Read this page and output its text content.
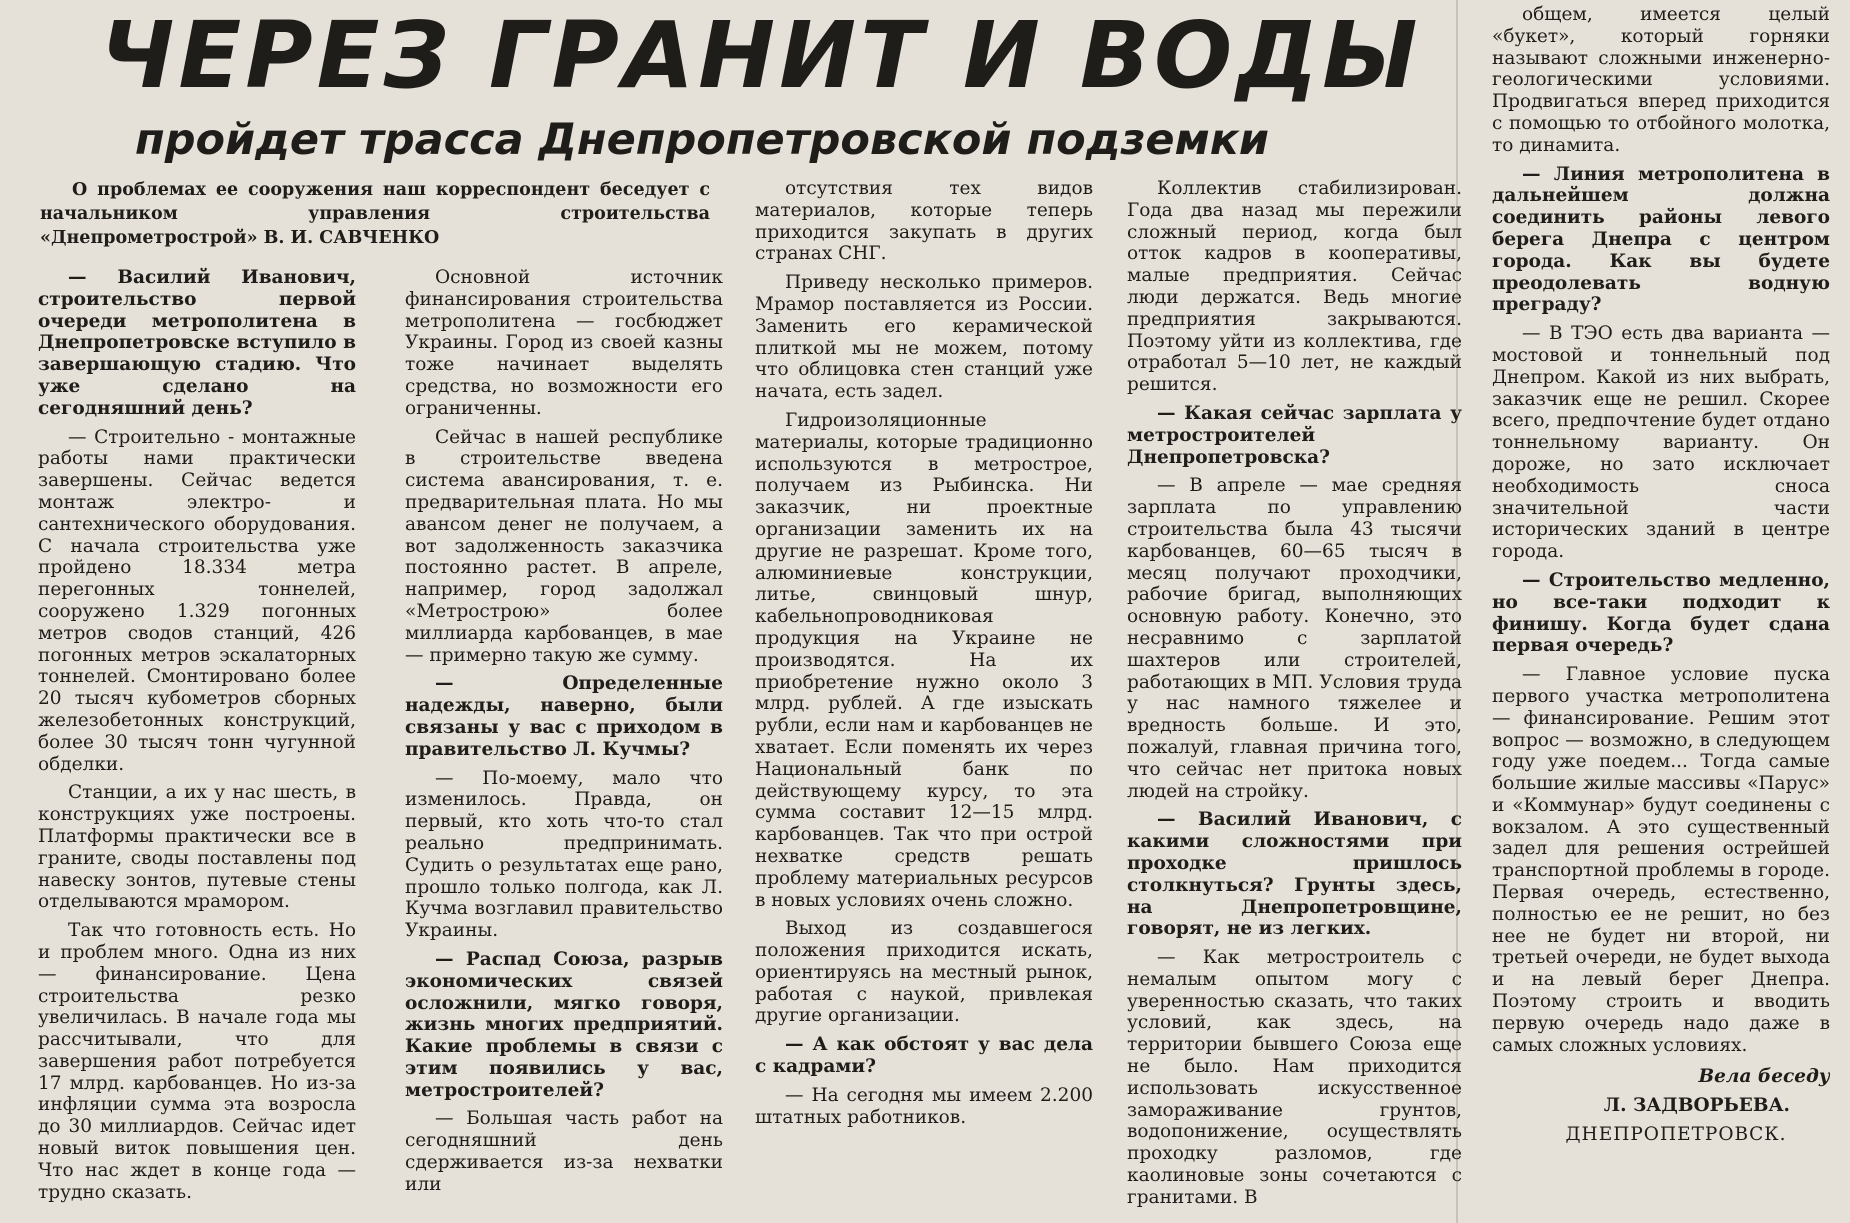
ЧЕРЕЗ ГРАНИТ И ВОДЫ
пройдет трасса Днепропетровской подземки

О проблемах ее сооружения наш корреспондент беседует с начальником управления строительства «Днепрометрострой» В. И. САВЧЕНКО

— Василий Иванович, строительство первой очереди метрополитена в Днепропетровске вступило в завершающую стадию. Что уже сделано на сегодняшний день?

— Строительно - монтажные работы нами практически завершены. Сейчас ведется монтаж электро- и сантехнического оборудования. С начала строительства уже пройдено 18.334 метра перегонных тоннелей, сооружено 1.329 погонных метров сводов станций, 426 погонных метров эскалаторных тоннелей. Смонтировано более 20 тысяч кубометров сборных железобетонных конструкций, более 30 тысяч тонн чугунной обделки.

Станции, а их у нас шесть, в конструкциях уже построены. Платформы практически все в граните, своды поставлены под навеску зонтов, путевые стены отделываются мрамором.

Так что готовность есть. Но и проблем много. Одна из них — финансирование. Цена строительства резко увеличилась. В начале года мы рассчитывали, что для завершения работ потребуется 17 млрд. карбованцев. Но из-за инфляции сумма эта возросла до 30 миллиардов. Сейчас идет новый виток повышения цен. Что нас ждет в конце года — трудно сказать.

Основной источник финансирования строительства метрополитена — госбюджет Украины. Город из своей казны тоже начинает выделять средства, но возможности его ограниченны.

Сейчас в нашей республике в строительстве введена система авансирования, т. е. предварительная плата. Но мы авансом денег не получаем, а вот задолженность заказчика постоянно растет. В апреле, например, город задолжал «Метрострою» более миллиарда карбованцев, в мае — примерно такую же сумму.

— Определенные надежды, наверно, были связаны у вас с приходом в правительство Л. Кучмы?

— По-моему, мало что изменилось. Правда, он первый, кто хоть что-то стал реально предпринимать. Судить о результатах еще рано, прошло только полгода, как Л. Кучма возглавил правительство Украины.

— Распад Союза, разрыв экономических связей осложнили, мягко говоря, жизнь многих предприятий. Какие проблемы в связи с этим появились у вас, метростроителей?

— Большая часть работ на сегодняшний день сдерживается из-за нехватки или

отсутствия тех видов материалов, которые теперь приходится закупать в других странах СНГ.

Приведу несколько примеров. Мрамор поставляется из России. Заменить его керамической плиткой мы не можем, потому что облицовка стен станций уже начата, есть задел.

Гидроизоляционные материалы, которые традиционно используются в метрострое, получаем из Рыбинска. Ни заказчик, ни проектные организации заменить их на другие не разрешат. Кроме того, алюминиевые конструкции, литье, свинцовый шнур, кабельнопроводниковая продукция на Украине не производятся. На их приобретение нужно около 3 млрд. рублей. А где изыскать рубли, если нам и карбованцев не хватает. Если поменять их через Национальный банк по действующему курсу, то эта сумма составит 12—15 млрд. карбованцев. Так что при острой нехватке средств решать проблему материальных ресурсов в новых условиях очень сложно.

Выход из создавшегося положения приходится искать, ориентируясь на местный рынок, работая с наукой, привлекая другие организации.

— А как обстоят у вас дела с кадрами?

— На сегодня мы имеем 2.200 штатных работников.

Коллектив стабилизирован. Года два назад мы пережили сложный период, когда был отток кадров в кооперативы, малые предприятия. Сейчас люди держатся. Ведь многие предприятия закрываются. Поэтому уйти из коллектива, где отработал 5—10 лет, не каждый решится.

— Какая сейчас зарплата у метростроителей Днепропетровска?

— В апреле — мае средняя зарплата по управлению строительства была 43 тысячи карбованцев, 60—65 тысяч в месяц получают проходчики, рабочие бригад, выполняющих основную работу. Конечно, это несравнимо с зарплатой шахтеров или строителей, работающих в МП. Условия труда у нас намного тяжелее и вредность больше. И это, пожалуй, главная причина того, что сейчас нет притока новых людей на стройку.

— Василий Иванович, с какими сложностями при проходке пришлось столкнуться? Грунты здесь, на Днепропетровщине, говорят, не из легких.

— Как метростроитель с немалым опытом могу с уверенностью сказать, что таких условий, как здесь, на территории бывшего Союза еще не было. Нам приходится использовать искусственное замораживание грунтов, водопонижение, осуществлять проходку разломов, где каолиновые зоны сочетаются с гранитами. В

общем, имеется целый «букет», который горняки называют сложными инженерно-геологическими условиями. Продвигаться вперед приходится с помощью то отбойного молотка, то динамита.

— Линия метрополитена в дальнейшем должна соединить районы левого берега Днепра с центром города. Как вы будете преодолевать водную преграду?

— В ТЭО есть два варианта — мостовой и тоннельный под Днепром. Какой из них выбрать, заказчик еще не решил. Скорее всего, предпочтение будет отдано тоннельному варианту. Он дороже, но зато исключает необходимость сноса значительной части исторических зданий в центре города.

— Строительство медленно, но все-таки подходит к финишу. Когда будет сдана первая очередь?

— Главное условие пуска первого участка метрополитена — финансирование. Решим этот вопрос — возможно, в следующем году уже поедем... Тогда самые большие жилые массивы «Парус» и «Коммунар» будут соединены с вокзалом. А это существенный задел для решения острейшей транспортной проблемы в городе. Первая очередь, естественно, полностью ее не решит, но без нее не будет ни второй, ни третьей очереди, не будет выхода и на левый берег Днепра. Поэтому строить и вводить первую очередь надо даже в самых сложных условиях.

Вела беседу

Л. ЗАДВОРЬЕВА.

ДНЕПРОПЕТРОВСК.
